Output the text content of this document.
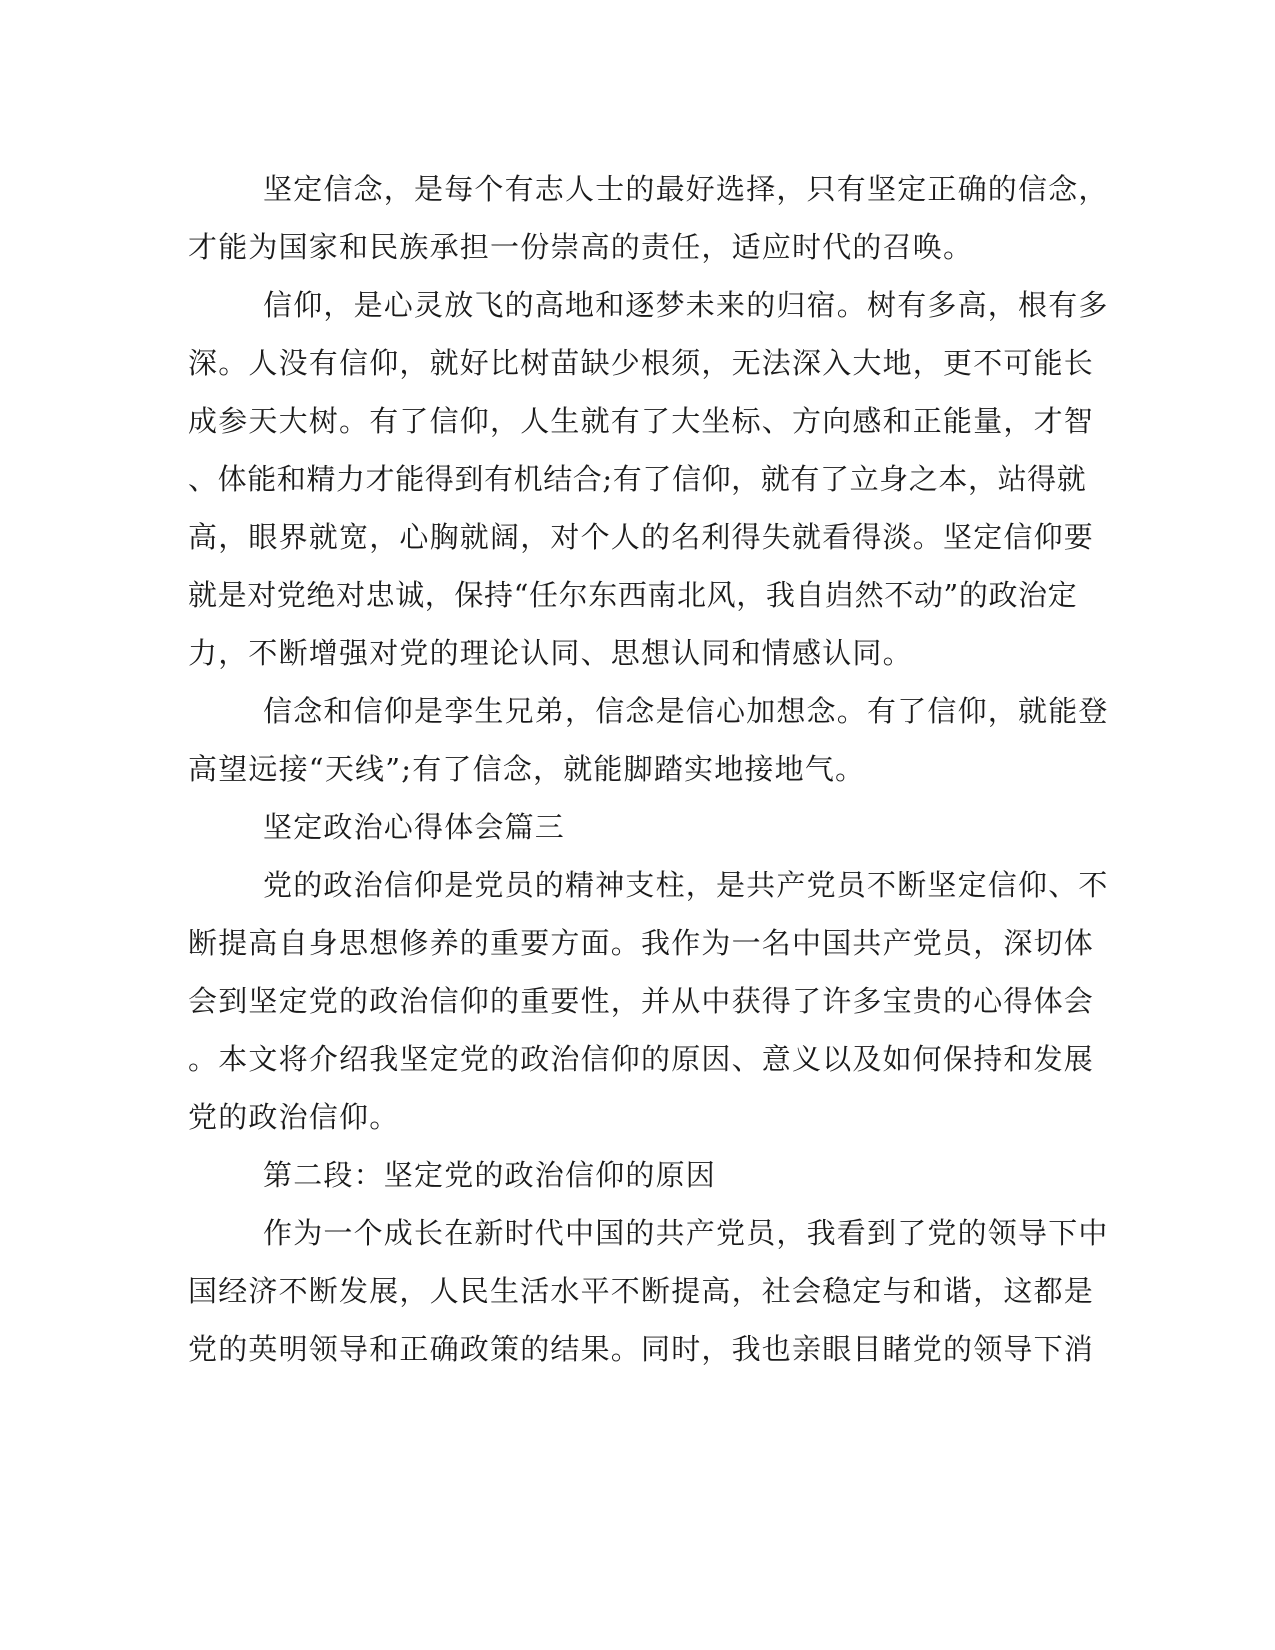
坚定信念，是每个有志人士的最好选择，只有坚定正确的信念，
才能为国家和民族承担一份崇高的责任，适应时代的召唤。
信仰，是心灵放飞的高地和逐梦未来的归宿。树有多高，根有多
深。人没有信仰，就好比树苗缺少根须，无法深入大地，更不可能长
成参天大树。有了信仰，人生就有了大坐标、方向感和正能量，才智
、体能和精力才能得到有机结合;有了信仰，就有了立身之本，站得就
高，眼界就宽，心胸就阔，对个人的名利得失就看得淡。坚定信仰要
就是对党绝对忠诚，保持“任尔东西南北风，我自岿然不动”的政治定
力，不断增强对党的理论认同、思想认同和情感认同。
信念和信仰是孪生兄弟，信念是信心加想念。有了信仰，就能登
高望远接“天线”;有了信念，就能脚踏实地接地气。
坚定政治心得体会篇三
党的政治信仰是党员的精神支柱，是共产党员不断坚定信仰、不
断提高自身思想修养的重要方面。我作为一名中国共产党员，深切体
会到坚定党的政治信仰的重要性，并从中获得了许多宝贵的心得体会
。本文将介绍我坚定党的政治信仰的原因、意义以及如何保持和发展
党的政治信仰。
第二段：坚定党的政治信仰的原因
作为一个成长在新时代中国的共产党员，我看到了党的领导下中
国经济不断发展，人民生活水平不断提高，社会稳定与和谐，这都是
党的英明领导和正确政策的结果。同时，我也亲眼目睹党的领导下消
